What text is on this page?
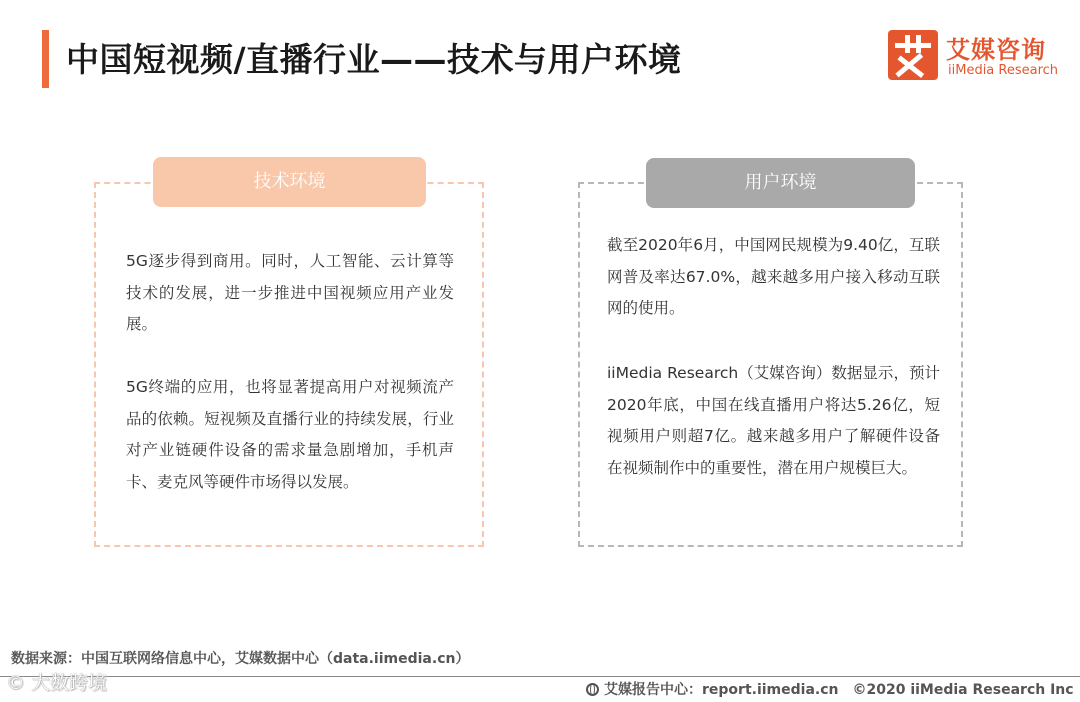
中国短视频/直播行业——技术与用户环境	艾媒咨询
iiMedia Research
技术环境
5G逐步得到商用。同时，人工智能、云计算等技术的发展，进一步推进中国视频应用产业发展。
5G终端的应用，也将显著提高用户对视频流产品的依赖。短视频及直播行业的持续发展，行业对产业链硬件设备的需求量急剧增加，手机声卡、麦克风等硬件市场得以发展。
用户环境
截至2020年6月，中国网民规模为9.40亿，互联网普及率达67.0%，越来越多用户接入移动互联网的使用。
iiMedia Research（艾媒咨询）数据显示，预计2020年底，中国在线直播用户将达5.26亿，短视频用户则超7亿。越来越多用户了解硬件设备在视频制作中的重要性，潜在用户规模巨大。
数据来源：中国互联网络信息中心，艾媒数据中心（data.iimedia.cn）
© 大数跨境	艾媒报告中心：report.iimedia.cn ©2020 iiMedia Research Inc
